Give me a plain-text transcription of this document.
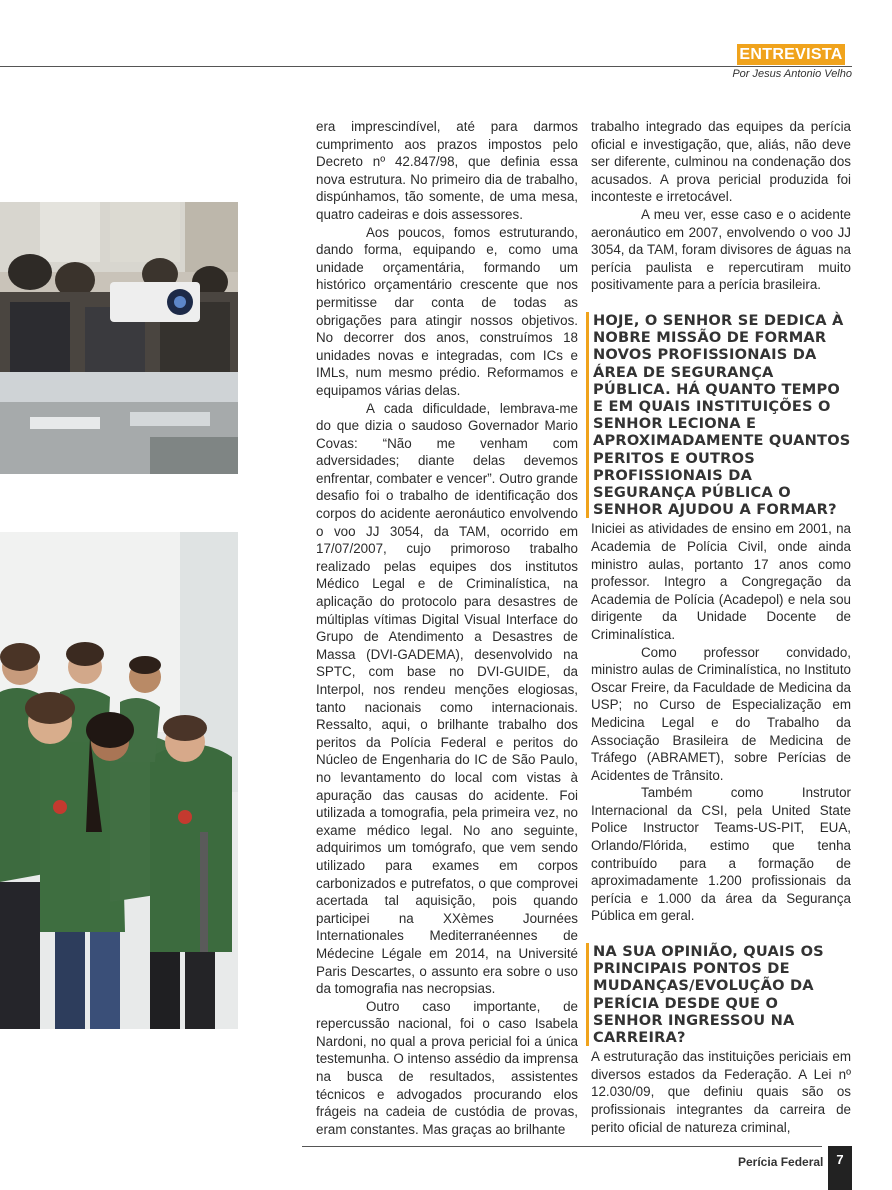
ENTREVISTA
Por Jesus Antonio Velho

era imprescindível, até para darmos cumprimento aos prazos impostos pelo Decreto nº 42.847/98, que definia essa nova estrutura. No primeiro dia de trabalho, dispúnhamos, tão somente, de uma mesa, quatro cadeiras e dois assessores.

Aos poucos, fomos estruturando, dando forma, equipando e, como uma unidade orçamentária, formando um histórico orçamentário crescente que nos permitisse dar conta de todas as obrigações para atingir nossos objetivos. No decorrer dos anos, construímos 18 unidades novas e integradas, com ICs e IMLs, num mesmo prédio. Reformamos e equipamos várias delas.

A cada dificuldade, lembrava-me do que dizia o saudoso Governador Mario Covas: “Não me venham com adversidades; diante delas devemos enfrentar, combater e vencer”. Outro grande desafio foi o trabalho de identificação dos corpos do acidente aeronáutico envolvendo o voo JJ 3054, da TAM, ocorrido em 17/07/2007, cujo primoroso trabalho realizado pelas equipes dos institutos Médico Legal e de Criminalística, na aplicação do protocolo para desastres de múltiplas vítimas Digital Visual Interface do Grupo de Atendimento a Desastres de Massa (DVI-GADEMA), desenvolvido na SPTC, com base no DVI-GUIDE, da Interpol, nos rendeu menções elogiosas, tanto nacionais como internacionais. Ressalto, aqui, o brilhante trabalho dos peritos da Polícia Federal e peritos do Núcleo de Engenharia do IC de São Paulo, no levantamento do local com vistas à apuração das causas do acidente. Foi utilizada a tomografia, pela primeira vez, no exame médico legal. No ano seguinte, adquirimos um tomógrafo, que vem sendo utilizado para exames em corpos carbonizados e putrefatos, o que comprovei acertada tal aquisição, pois quando participei na XXèmes Journées Internationales Mediterranéennes de Médecine Légale em 2014, na Université Paris Descartes, o assunto era sobre o uso da tomografia nas necropsias.

Outro caso importante, de repercussão nacional, foi o caso Isabela Nardoni, no qual a prova pericial foi a única testemunha. O intenso assédio da imprensa na busca de resultados, assistentes técnicos e advogados procurando elos frágeis na cadeia de custódia de provas, eram constantes. Mas graças ao brilhante

trabalho integrado das equipes da perícia oficial e investigação, que, aliás, não deve ser diferente, culminou na condenação dos acusados. A prova pericial produzida foi inconteste e irretocável.

A meu ver, esse caso e o acidente aeronáutico em 2007, envolvendo o voo JJ 3054, da TAM, foram divisores de águas na perícia paulista e repercutiram muito positivamente para a perícia brasileira.

HOJE, O SENHOR SE DEDICA À NOBRE MISSÃO DE FORMAR NOVOS PROFISSIONAIS DA ÁREA DE SEGURANÇA PÚBLICA. HÁ QUANTO TEMPO E EM QUAIS INSTITUIÇÕES O SENHOR LECIONA E APROXIMADAMENTE QUANTOS PERITOS E OUTROS PROFISSIONAIS DA SEGURANÇA PÚBLICA O SENHOR AJUDOU A FORMAR?

Iniciei as atividades de ensino em 2001, na Academia de Polícia Civil, onde ainda ministro aulas, portanto 17 anos como professor. Integro a Congregação da Academia de Polícia (Acadepol) e nela sou dirigente da Unidade Docente de Criminalística.

Como professor convidado, ministro aulas de Criminalística, no Instituto Oscar Freire, da Faculdade de Medicina da USP; no Curso de Especialização em Medicina Legal e do Trabalho da Associação Brasileira de Medicina de Tráfego (ABRAMET), sobre Perícias de Acidentes de Trânsito.

Também como Instrutor Internacional da CSI, pela United State Police Instructor Teams-US-PIT, EUA, Orlando/Flórida, estimo que tenha contribuído para a formação de aproximadamente 1.200 profissionais da perícia e 1.000 da área da Segurança Pública em geral.

NA SUA OPINIÃO, QUAIS OS PRINCIPAIS PONTOS DE MUDANÇAS/EVOLUÇÃO DA PERÍCIA DESDE QUE O SENHOR INGRESSOU NA CARREIRA?

A estruturação das instituições periciais em diversos estados da Federação. A Lei nº 12.030/09, que definiu quais são os profissionais integrantes da carreira de perito oficial de natureza criminal,

Perícia Federal 7
